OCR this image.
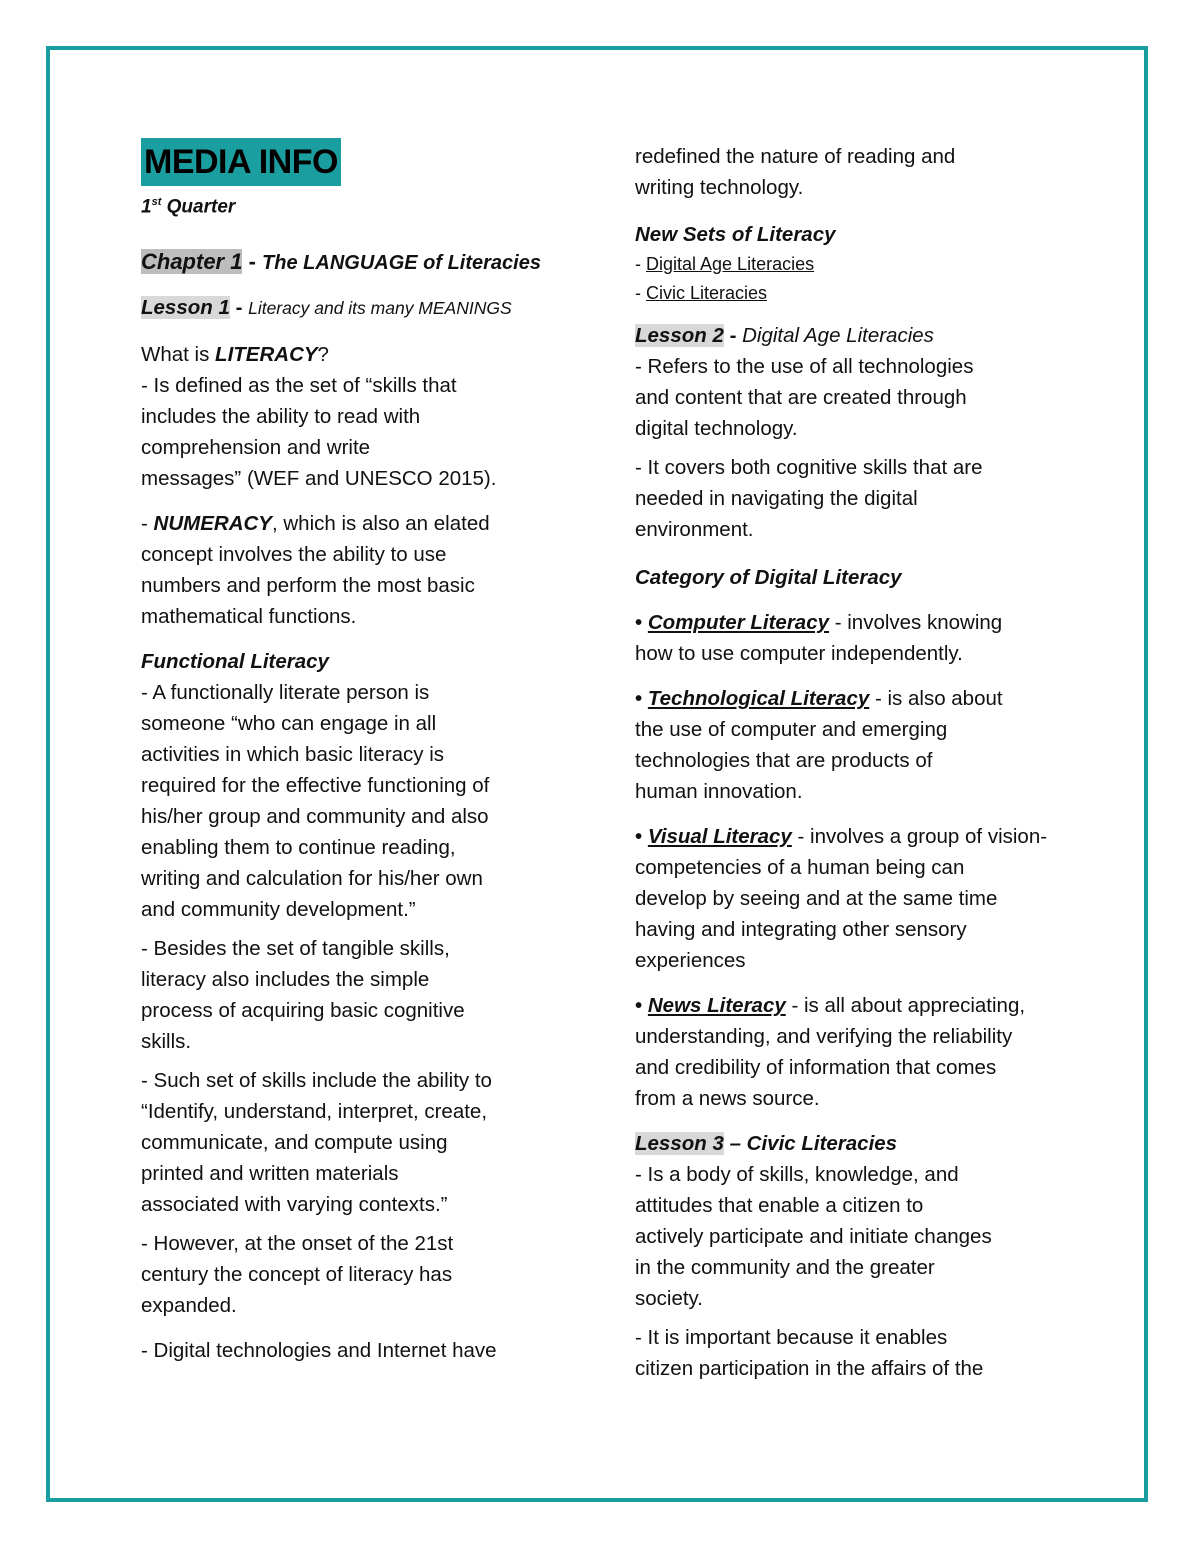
MEDIA INFO
1st Quarter
Chapter 1 - The LANGUAGE of Literacies
Lesson 1 - Literacy and its many MEANINGS
What is LITERACY?
- Is defined as the set of “skills that
includes the ability to read with
comprehension and write
messages” (WEF and UNESCO 2015).
- NUMERACY, which is also an elated
concept involves the ability to use
numbers and perform the most basic
mathematical functions.
Functional Literacy
- A functionally literate person is
someone “who can engage in all
activities in which basic literacy is
required for the effective functioning of
his/her group and community and also
enabling them to continue reading,
writing and calculation for his/her own
and community development.”
- Besides the set of tangible skills,
literacy also includes the simple
process of acquiring basic cognitive
skills.
- Such set of skills include the ability to
“Identify, understand, interpret, create,
communicate, and compute using
printed and written materials
associated with varying contexts.”
- However, at the onset of the 21st
century the concept of literacy has
expanded.
- Digital technologies and Internet have
redefined the nature of reading and
writing technology.
New Sets of Literacy
- Digital Age Literacies
- Civic Literacies
Lesson 2 - Digital Age Literacies
- Refers to the use of all technologies
and content that are created through
digital technology.
- It covers both cognitive skills that are
needed in navigating the digital
environment.
Category of Digital Literacy
• Computer Literacy - involves knowing
how to use computer independently.
• Technological Literacy - is also about
the use of computer and emerging
technologies that are products of
human innovation.
• Visual Literacy - involves a group of vision-
competencies of a human being can
develop by seeing and at the same time
having and integrating other sensory
experiences
• News Literacy - is all about appreciating,
understanding, and verifying the reliability
and credibility of information that comes
from a news source.
Lesson 3 – Civic Literacies
- Is a body of skills, knowledge, and
attitudes that enable a citizen to
actively participate and initiate changes
in the community and the greater
society.
- It is important because it enables
citizen participation in the affairs of the
